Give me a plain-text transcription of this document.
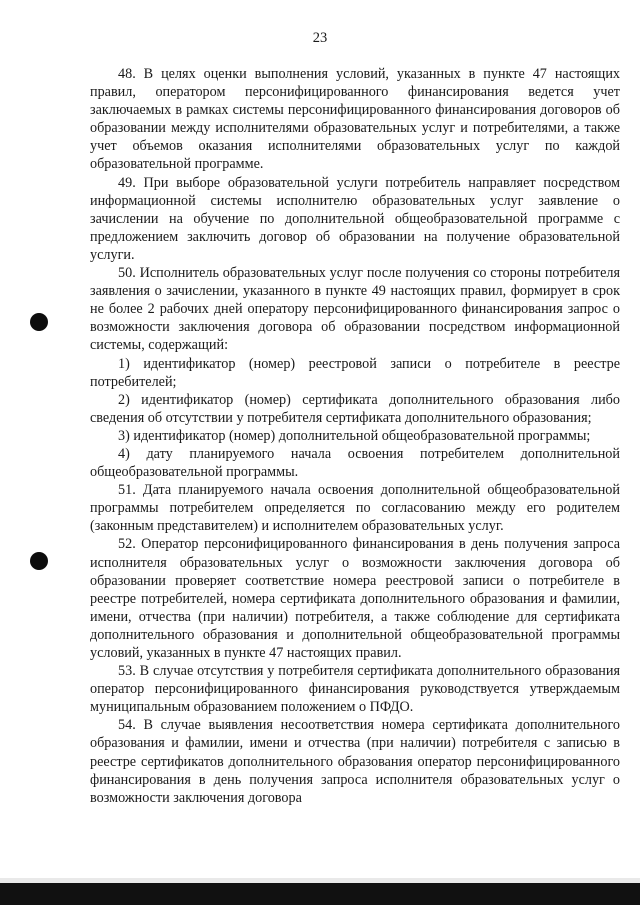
23

48. В целях оценки выполнения условий, указанных в пункте 47 настоящих правил, оператором персонифицированного финансирования ведется учет заключаемых в рамках системы персонифицированного финансирования договоров об образовании между исполнителями образовательных услуг и потребителями, а также учет объемов оказания исполнителями образовательных услуг по каждой образовательной программе.

49. При выборе образовательной услуги потребитель направляет посредством информационной системы исполнителю образовательных услуг заявление о зачислении на обучение по дополнительной общеобразовательной программе с предложением заключить договор об образовании на получение образовательной услуги.

50. Исполнитель образовательных услуг после получения со стороны потребителя заявления о зачислении, указанного в пункте 49 настоящих правил, формирует в срок не более 2 рабочих дней оператору персонифицированного финансирования запрос о возможности заключения договора об образовании посредством информационной системы, содержащий:

1) идентификатор (номер) реестровой записи о потребителе в реестре потребителей;

2) идентификатор (номер) сертификата дополнительного образования либо сведения об отсутствии у потребителя сертификата дополнительного образования;

3) идентификатор (номер) дополнительной общеобразовательной программы;

4) дату планируемого начала освоения потребителем дополнительной общеобразовательной программы.

51. Дата планируемого начала освоения дополнительной общеобразовательной программы потребителем определяется по согласованию между его родителем (законным представителем) и исполнителем образовательных услуг.

52. Оператор персонифицированного финансирования в день получения запроса исполнителя образовательных услуг о возможности заключения договора об образовании проверяет соответствие номера реестровой записи о потребителе в реестре потребителей, номера сертификата дополнительного образования и фамилии, имени, отчества (при наличии) потребителя, а также соблюдение для сертификата дополнительного образования и дополнительной общеобразовательной программы условий, указанных в пункте 47 настоящих правил.

53. В случае отсутствия у потребителя сертификата дополнительного образования оператор персонифицированного финансирования руководствуется утверждаемым муниципальным образованием положением о ПФДО.

54. В случае выявления несоответствия номера сертификата дополнительного образования и фамилии, имени и отчества (при наличии) потребителя с записью в реестре сертификатов дополнительного образования оператор персонифицированного финансирования в день получения запроса исполнителя образовательных услуг о возможности заключения договора
